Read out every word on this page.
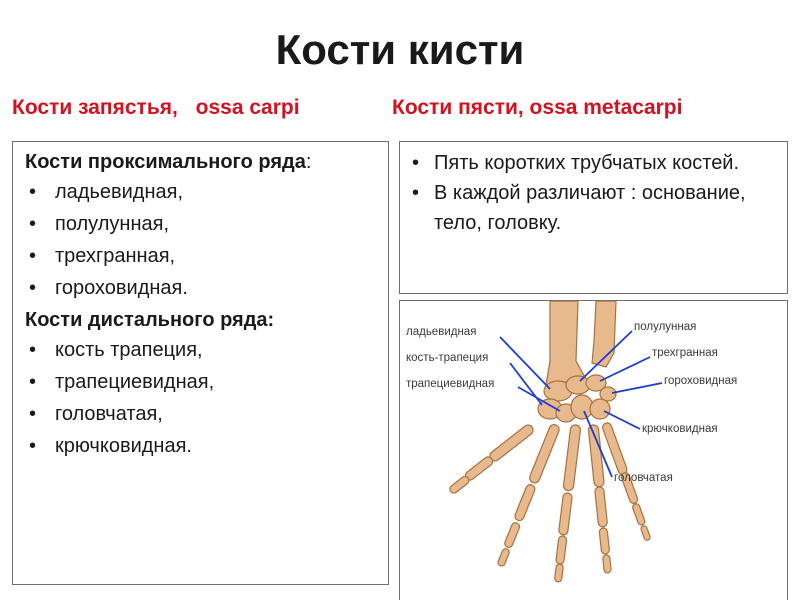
Кости кисти
Кости запястья, ossa carpi	Кости пясти, ossa metacarpi
Кости проксимального ряда:
• ладьевидная,
• полулунная,
• трехгранная,
• гороховидная.
Кости дистального ряда:
• кость трапеция,
• трапециевидная,
• головчатая,
• крючковидная.
• Пять коротких трубчатых костей.
• В каждой различают : основание, тело, головку.
ладьевидная
кость-трапеция
трапециевидная
полулунная
трехгранная
гороховидная
крючковидная
головчатая
